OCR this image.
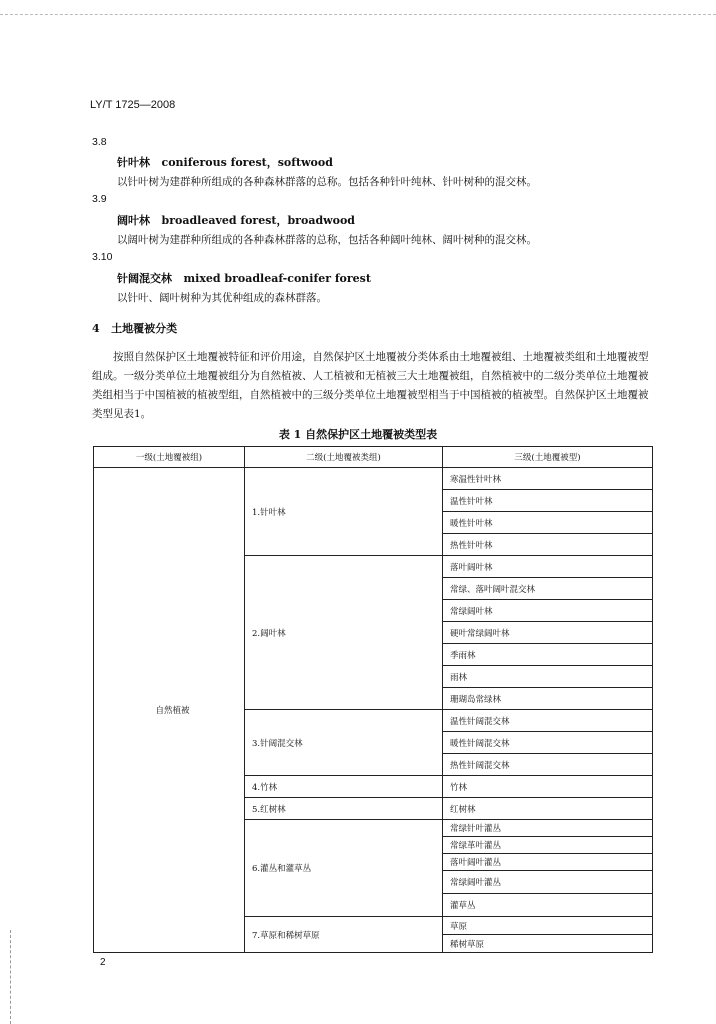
LY/T 1725—2008
3.8
针叶林 coniferous forest，softwood
以针叶树为建群种所组成的各种森林群落的总称。包括各种针叶纯林、针叶树种的混交林。
3.9
阔叶林 broadleaved forest，broadwood
以阔叶树为建群种所组成的各种森林群落的总称，包括各种阔叶纯林、阔叶树种的混交林。
3.10
针阔混交林 mixed broadleaf-conifer forest
以针叶、阔叶树种为其优种组成的森林群落。
4 土地覆被分类

按照自然保护区土地覆被特征和评价用途，自然保护区土地覆被分类体系由土地覆被组、土地覆被类组和土地覆被型组成。一级分类单位土地覆被组分为自然植被、人工植被和无植被三大土地覆被组，自然植被中的二级分类单位土地覆被类组相当于中国植被的植被型组，自然植被中的三级分类单位土地覆被型相当于中国植被的植被型。自然保护区土地覆被类型见表1。

表 1 自然保护区土地覆被类型表
一级(土地覆被组)	二级(土地覆被类组)	三级(土地覆被型)
自然植被	1.针叶林	寒温性针叶林
		温性针叶林
		暖性针叶林
		热性针叶林
	2.阔叶林	落叶阔叶林
		常绿、落叶阔叶混交林
		常绿阔叶林
		硬叶常绿阔叶林
		季雨林
		雨林
		珊瑚岛常绿林
	3.针阔混交林	温性针阔混交林
		暖性针阔混交林
		热性针阔混交林
	4.竹林	竹林
	5.红树林	红树林
	6.灌丛和灌草丛	常绿针叶灌丛
		常绿革叶灌丛
		落叶阔叶灌丛
		常绿阔叶灌丛
		灌草丛
	7.草原和稀树草原	草原
		稀树草原
2
